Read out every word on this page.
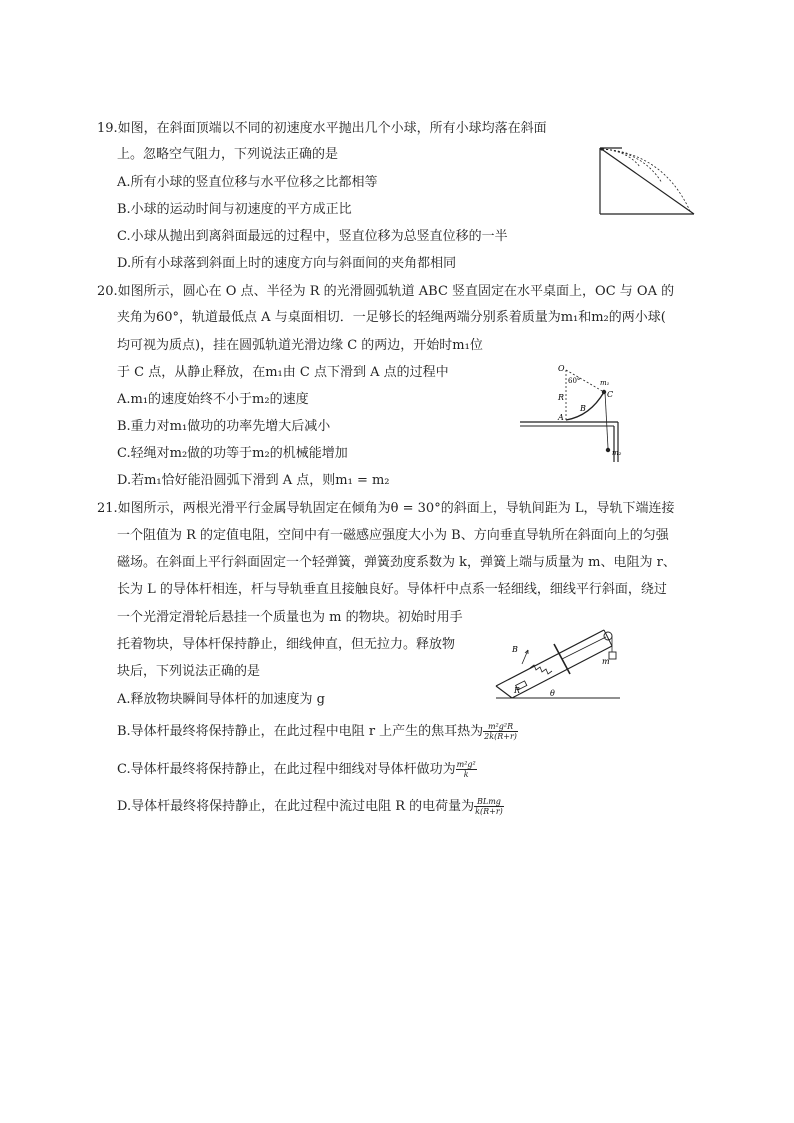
19.如图，在斜面顶端以不同的初速度水平抛出几个小球，所有小球均落在斜面
上。忽略空气阻力，下列说法正确的是
A.所有小球的竖直位移与水平位移之比都相等
B.小球的运动时间与初速度的平方成正比
C.小球从抛出到离斜面最远的过程中，竖直位移为总竖直位移的一半
D.所有小球落到斜面上时的速度方向与斜面间的夹角都相同
20.如图所示，圆心在 O 点、半径为 R 的光滑圆弧轨道 ABC 竖直固定在水平桌面上，OC 与 OA 的
夹角为60°，轨道最低点 A 与桌面相切．一足够长的轻绳两端分别系着质量为m₁和m₂的两小球(
均可视为质点)，挂在圆弧轨道光滑边缘 C 的两边，开始时m₁位
于 C 点，从静止释放，在m₁由 C 点下滑到 A 点的过程中
A.m₁的速度始终不小于m₂的速度
B.重力对m₁做功的功率先增大后减小
C.轻绳对m₂做的功等于m₂的机械能增加
D.若m₁恰好能沿圆弧下滑到 A 点，则m₁ = m₂
O
60°
R
m₁
C
B
A
m₂
21.如图所示，两根光滑平行金属导轨固定在倾角为θ = 30°的斜面上，导轨间距为 L，导轨下端连接
一个阻值为 R 的定值电阻，空间中有一磁感应强度大小为 B、方向垂直导轨所在斜面向上的匀强
磁场。在斜面上平行斜面固定一个轻弹簧，弹簧劲度系数为 k，弹簧上端与质量为 m、电阻为 r、
长为 L 的导体杆相连，杆与导轨垂直且接触良好。导体杆中点系一轻细线，细线平行斜面，绕过
一个光滑定滑轮后悬挂一个质量也为 m 的物块。初始时用手
托着物块，导体杆保持静止，细线伸直，但无拉力。释放物
块后，下列说法正确的是
A.释放物块瞬间导体杆的加速度为 g
B.导体杆最终将保持静止，在此过程中电阻 r 上产生的焦耳热为 $\frac{\text{m²g²R}}{2k(R+r)}$
C.导体杆最终将保持静止，在此过程中细线对导体杆做功为 $\frac{\text{m²g²}}{k}$
D.导体杆最终将保持静止，在此过程中流过电阻 R 的电荷量为 $\frac{\text{BLmg}}{k(R+r)}$
B
m
R	θ
